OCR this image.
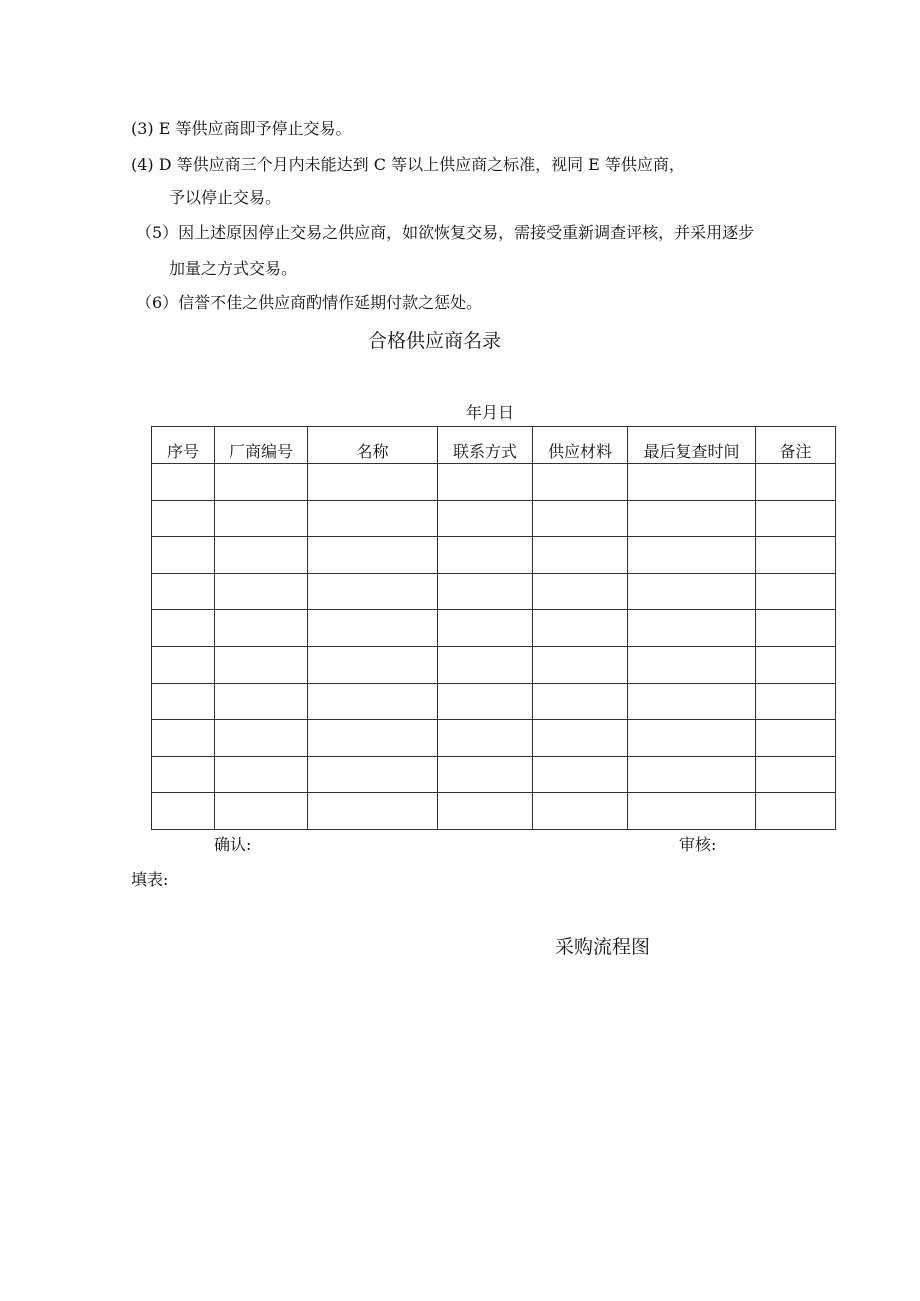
(3) E 等供应商即予停止交易。
(4) D 等供应商三个月内未能达到 C 等以上供应商之标准，视同 E 等供应商，
予以停止交易。
（5）因上述原因停止交易之供应商，如欲恢复交易，需接受重新调查评核，并采用逐步
加量之方式交易。
（6）信誉不佳之供应商酌情作延期付款之惩处。
合格供应商名录
年月日
序号	厂商编号	名称	联系方式	供应材料	最后复查时间	备注

确认:	审核:
填表:
采购流程图
